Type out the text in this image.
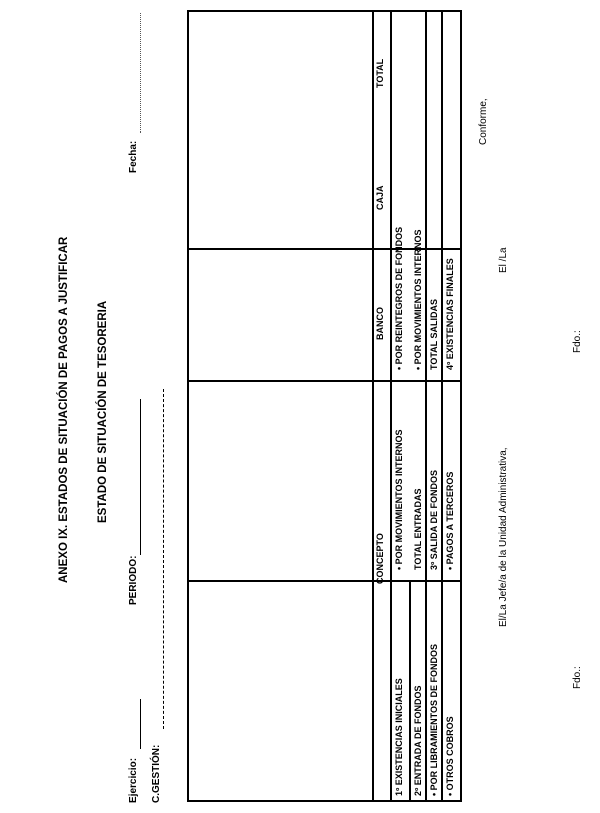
ANEXO IX. ESTADOS DE SITUACIÓN DE PAGOS A JUSTIFICAR ESTADO DE SITUACIÓN DE TESORERIA
Ejercicio:
PERIODO:
Fecha:
C.GESTIÓN:
CONCEPTO
BANCO
CAJA
TOTAL
1º EXISTENCIAS INICIALES 2º ENTRADA DE FONDOS • POR LIBRAMIENTOS DE FONDOS • OTROS COBROS
• POR MOVIMIENTOS INTERNOS TOTAL ENTRADAS 3º SALIDA DE FONDOS • PAGOS A TERCEROS
• POR REINTEGROS DE FONDOS • POR MOVIMIENTOS INTERNOS TOTAL SALIDAS 4º EXISTENCIAS FINALES
Conforme,
El/La Jefe/a de la Unidad Administrativa,
El /La
Fdo.:
Fdo.:
